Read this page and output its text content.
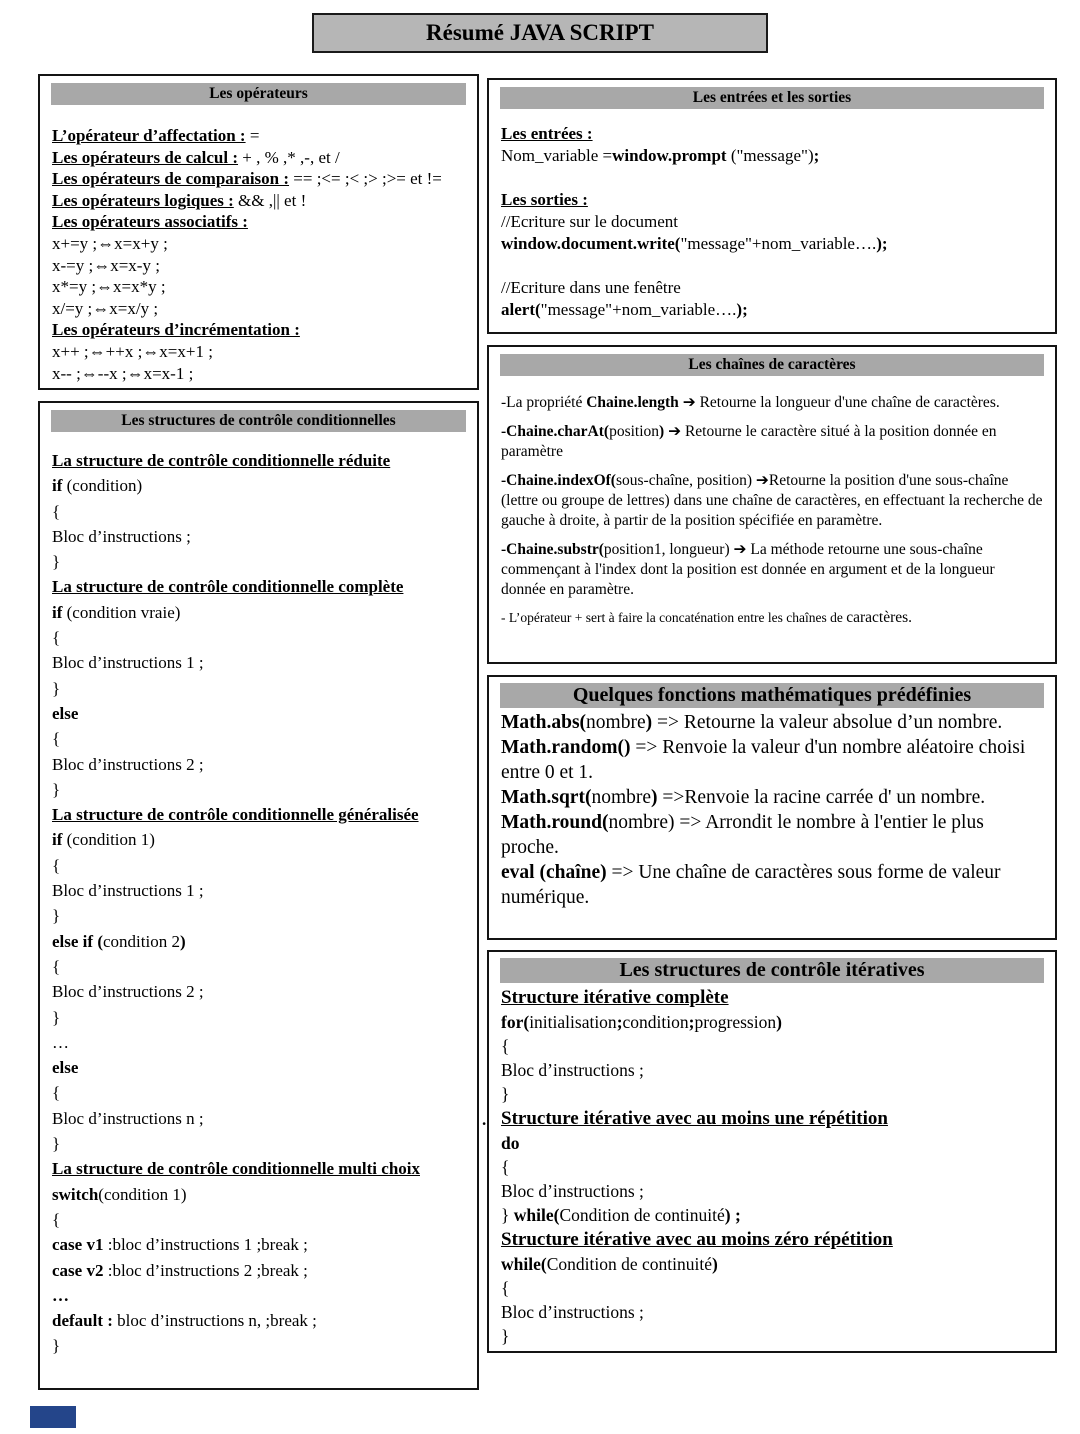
Résumé JAVA SCRIPT
Les opérateurs
L’opérateur d’affectation : =
Les opérateurs de calcul : + , % ,* ,-, et /
Les opérateurs de comparaison : == ;<= ;< ;> ;>= et !=
Les opérateurs logiques : && ,|| et !
Les opérateurs associatifs :
x+=y ;⇔x=x+y ;
x-=y ;⇔x=x-y ;
x*=y ;⇔x=x*y ;
x/=y ;⇔x=x/y ;
Les opérateurs d’incrémentation :
x++ ;⇔++x ;⇔x=x+1 ;
x-- ;⇔--x ;⇔x=x-1 ;
Les structures de contrôle conditionnelles
La structure de contrôle conditionnelle réduite
if (condition)
{
Bloc d’instructions ;
}
La structure de contrôle conditionnelle complète
if (condition vraie)
{
Bloc d’instructions 1 ;
}
else
{
Bloc d’instructions 2 ;
}
La structure de contrôle conditionnelle généralisée
if (condition 1)
{
Bloc d’instructions 1 ;
}
else if (condition 2)
{
Bloc d’instructions 2 ;
}
…
else
{
Bloc d’instructions n ;
}
La structure de contrôle conditionnelle multi choix
switch(condition 1)
{
case v1 :bloc d’instructions 1 ;break ;
case v2 :bloc d’instructions 2 ;break ;
…
default : bloc d’instructions n, ;break ;
}
Les entrées et les sorties
Les entrées :
Nom_variable =window.prompt ("message");

Les sorties :
//Ecriture sur le document
window.document.write("message"+nom_variable….);

//Ecriture dans une fenêtre
alert("message"+nom_variable….);
Les chaînes de caractères

-La propriété Chaine.length ➔ Retourne la longueur d'une chaîne de caractères.

-Chaine.charAt(position) ➔ Retourne le caractère situé à la position donnée en paramètre

-Chaine.indexOf(sous-chaîne, position) ➔Retourne la position d'une sous-chaîne (lettre ou groupe de lettres) dans une chaîne de caractères, en effectuant la recherche de gauche à droite, à partir de la position spécifiée en paramètre.

-Chaine.substr(position1, longueur) ➔ La méthode retourne une sous-chaîne commençant à l'index dont la position est donnée en argument et de la longueur donnée en paramètre.

- L’opérateur + sert à faire la concaténation entre les chaînes de caractères.

Quelques fonctions mathématiques prédéfinies

Math.abs(nombre) => Retourne la valeur absolue d’un nombre.

Math.random() => Renvoie la valeur d'un nombre aléatoire choisi entre 0 et 1.

Math.sqrt(nombre) =>Renvoie la racine carrée d' un nombre.

Math.round(nombre) => Arrondit le nombre à l'entier le plus proche.

eval (chaîne) => Une chaîne de caractères sous forme de valeur numérique.

Les structures de contrôle itératives
Structure itérative complète
for(initialisation;condition;progression)
{
Bloc d’instructions ;
}
Structure itérative avec au moins une répétition
do
{
Bloc d’instructions ;
} while(Condition de continuité) ;
Structure itérative avec au moins zéro répétition
while(Condition de continuité)
{
Bloc d’instructions ;
}
.
